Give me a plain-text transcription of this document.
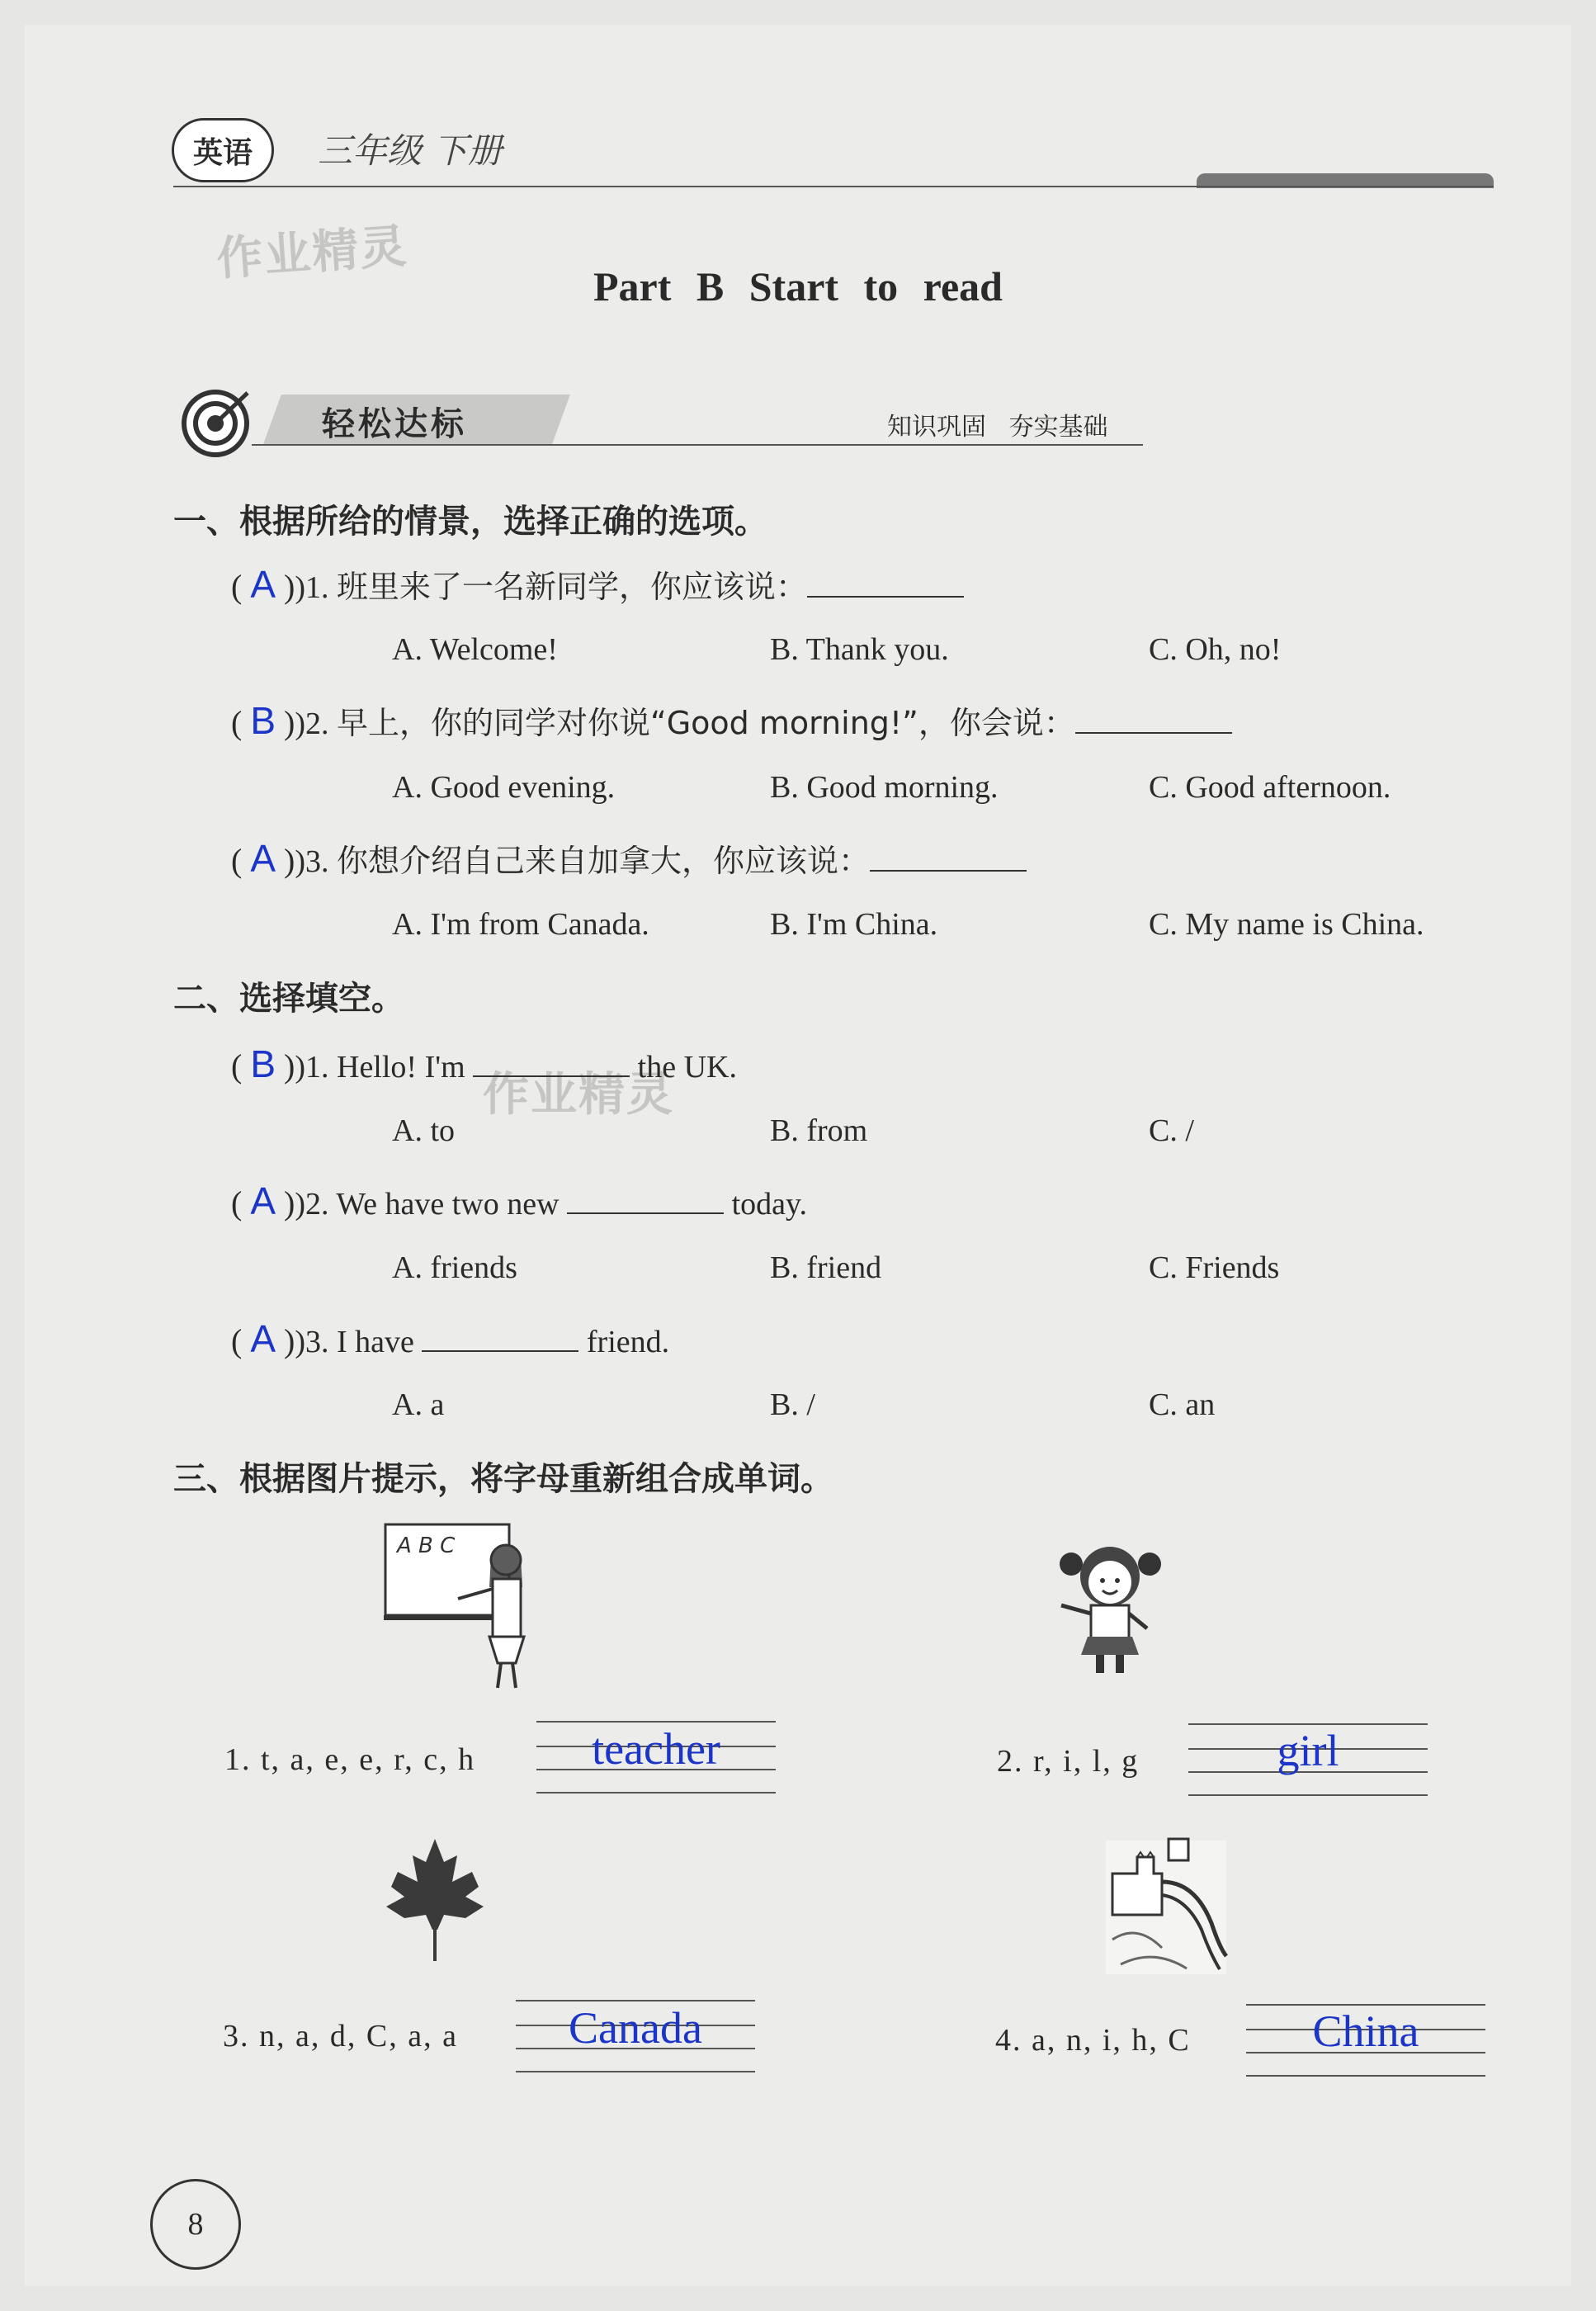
英语	三年级 下册
作业精灵
作业精灵
Part B Start to read
轻松达标	知识巩固 夯实基础
一、根据所给的情景，选择正确的选项。
( A ))1. 班里来了一名新同学，你应该说：
A. Welcome!	B. Thank you.	C. Oh, no!
( B ))2. 早上，你的同学对你说“Good morning!”，你会说：
A. Good evening.	B. Good morning.	C. Good afternoon.
( A ))3. 你想介绍自己来自加拿大，你应该说：
A. I'm from Canada.	B. I'm China.	C. My name is China.
二、选择填空。
( B ))1. Hello! I'm	the UK.
A. to	B. from	C. /
( A ))2. We have two new	today.
A. friends	B. friend	C. Friends
( A ))3. I have	friend.
A. a	B. /	C. an
三、根据图片提示，将字母重新组合成单词。
A B C
1. t, a, e, e, r, c, h	teacher	2. r, i, l, g	girl
3. n, a, d, C, a, a	Canada	4. a, n, i, h, C	China
8
